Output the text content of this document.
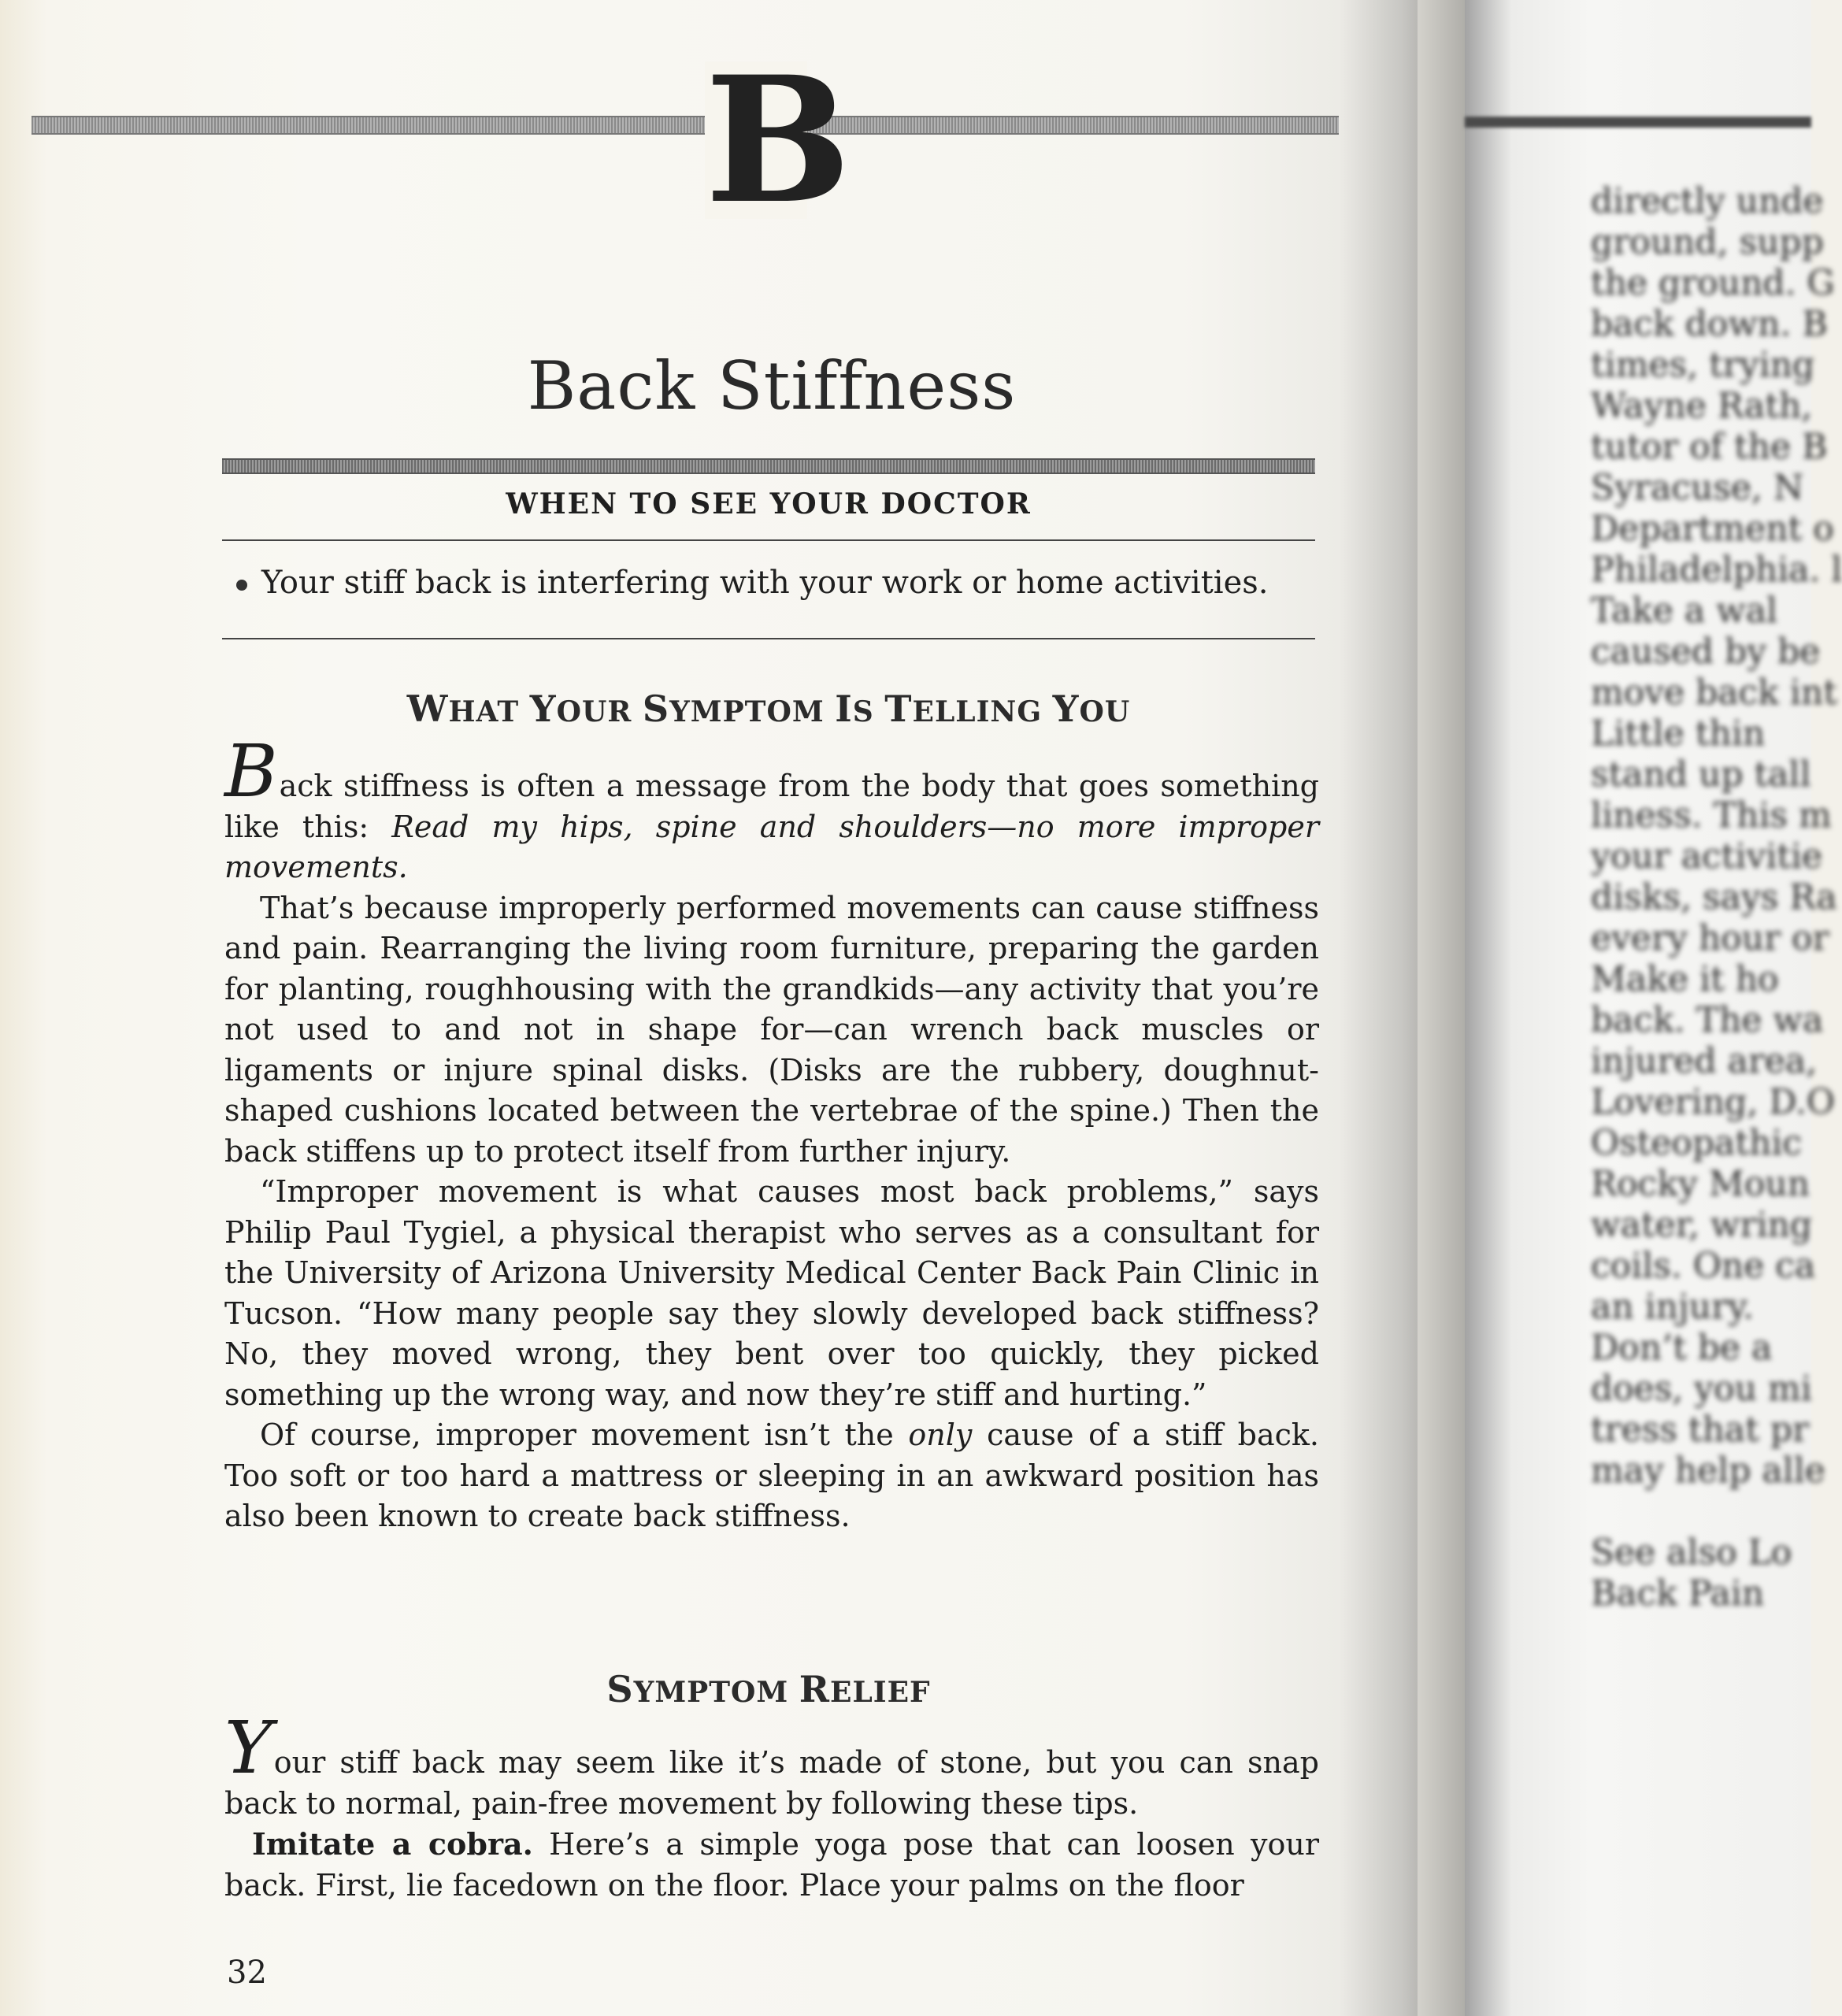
directly unde
ground, supp
the ground. G
back down. B
times, trying
Wayne Rath,
tutor of the B
Syracuse, N
Department o
Philadelphia. l
Take a wal
caused by be
move back int
Little thin
stand up tall
liness. This m
your activitie
disks, says Ra
every hour or
Make it ho
back. The wa
injured area,
Lovering, D.O
Osteopathic
Rocky Moun
water, wring
coils. One ca
an injury.
Don’t be a
does, you mi
tress that pr
may help alle
See also Lo
Back Pain
B
Back Stiffness
WHEN TO SEE YOUR DOCTOR
Your stiff back is interfering with your work or home activities.
WHAT YOUR SYMPTOM IS TELLING YOU

Back stiffness is often a message from the body that goes something like this: Read my hips, spine and shoulders—no more improper movements.

That’s because improperly performed movements can cause stiffness and pain. Rearranging the living room furniture, preparing the garden for planting, roughhousing with the grandkids—any activity that you’re not used to and not in shape for—can wrench back muscles or ligaments or injure spinal disks. (Disks are the rubbery, doughnut-shaped cushions located between the vertebrae of the spine.) Then the back stiffens up to protect itself from further injury.

“Improper movement is what causes most back problems,” says Philip Paul Tygiel, a physical therapist who serves as a consultant for the University of Arizona University Medical Center Back Pain Clinic in Tucson. “How many people say they slowly developed back stiffness? No, they moved wrong, they bent over too quickly, they picked something up the wrong way, and now they’re stiff and hurting.”

Of course, improper movement isn’t the only cause of a stiff back. Too soft or too hard a mattress or sleeping in an awkward position has also been known to create back stiffness.

SYMPTOM RELIEF

Your stiff back may seem like it’s made of stone, but you can snap back to normal, pain-free movement by following these tips.

Imitate a cobra. Here’s a simple yoga pose that can loosen your back. First, lie facedown on the floor. Place your palms on the floor

32
